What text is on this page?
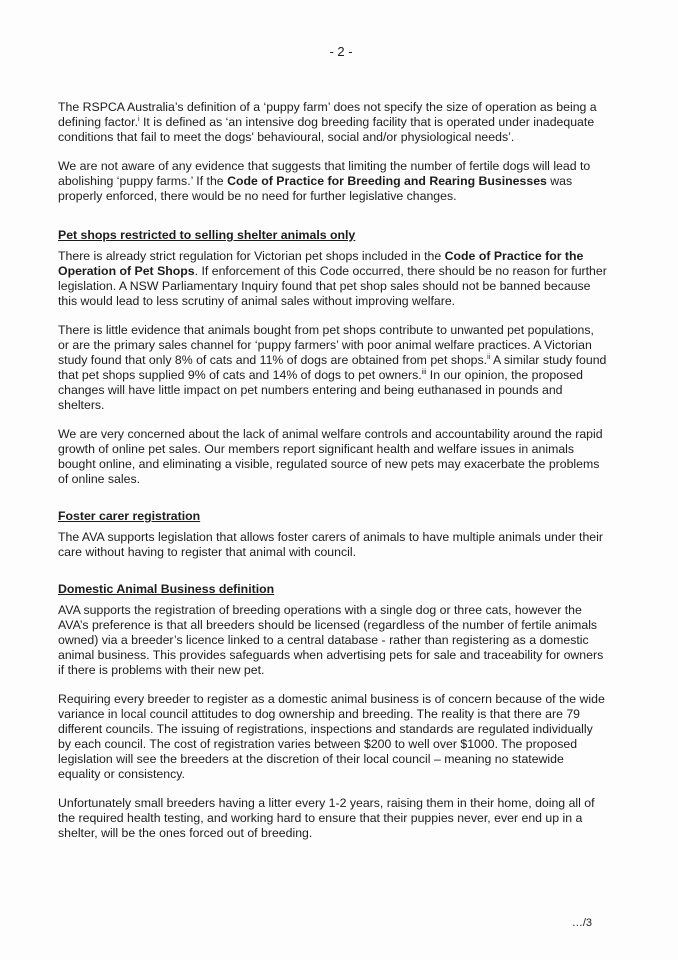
- 2 -

The RSPCA Australia’s definition of a ‘puppy farm’ does not specify the size of operation as being a defining factor.$^i$ It is defined as ‘an intensive dog breeding facility that is operated under inadequate conditions that fail to meet the dogs' behavioural, social and/or physiological needs’.

We are not aware of any evidence that suggests that limiting the number of fertile dogs will lead to abolishing ‘puppy farms.’ If the Code of Practice for Breeding and Rearing Businesses was properly enforced, there would be no need for further legislative changes.

Pet shops restricted to selling shelter animals only

There is already strict regulation for Victorian pet shops included in the Code of Practice for the Operation of Pet Shops. If enforcement of this Code occurred, there should be no reason for further legislation. A NSW Parliamentary Inquiry found that pet shop sales should not be banned because this would lead to less scrutiny of animal sales without improving welfare.

There is little evidence that animals bought from pet shops contribute to unwanted pet populations, or are the primary sales channel for ‘puppy farmers’ with poor animal welfare practices. A Victorian study found that only 8% of cats and 11% of dogs are obtained from pet shops.$^{ii}$ A similar study found that pet shops supplied 9% of cats and 14% of dogs to pet owners.$^{iii}$ In our opinion, the proposed changes will have little impact on pet numbers entering and being euthanased in pounds and shelters.

We are very concerned about the lack of animal welfare controls and accountability around the rapid growth of online pet sales. Our members report significant health and welfare issues in animals bought online, and eliminating a visible, regulated source of new pets may exacerbate the problems of online sales.

Foster carer registration

The AVA supports legislation that allows foster carers of animals to have multiple animals under their care without having to register that animal with council.

Domestic Animal Business definition

AVA supports the registration of breeding operations with a single dog or three cats, however the AVA’s preference is that all breeders should be licensed (regardless of the number of fertile animals owned) via a breeder’s licence linked to a central database - rather than registering as a domestic animal business. This provides safeguards when advertising pets for sale and traceability for owners if there is problems with their new pet.

Requiring every breeder to register as a domestic animal business is of concern because of the wide variance in local council attitudes to dog ownership and breeding. The reality is that there are 79 different councils. The issuing of registrations, inspections and standards are regulated individually by each council. The cost of registration varies between $200 to well over $1000. The proposed legislation will see the breeders at the discretion of their local council – meaning no statewide equality or consistency.

Unfortunately small breeders having a litter every 1-2 years, raising them in their home, doing all of the required health testing, and working hard to ensure that their puppies never, ever end up in a shelter, will be the ones forced out of breeding.

…/3
